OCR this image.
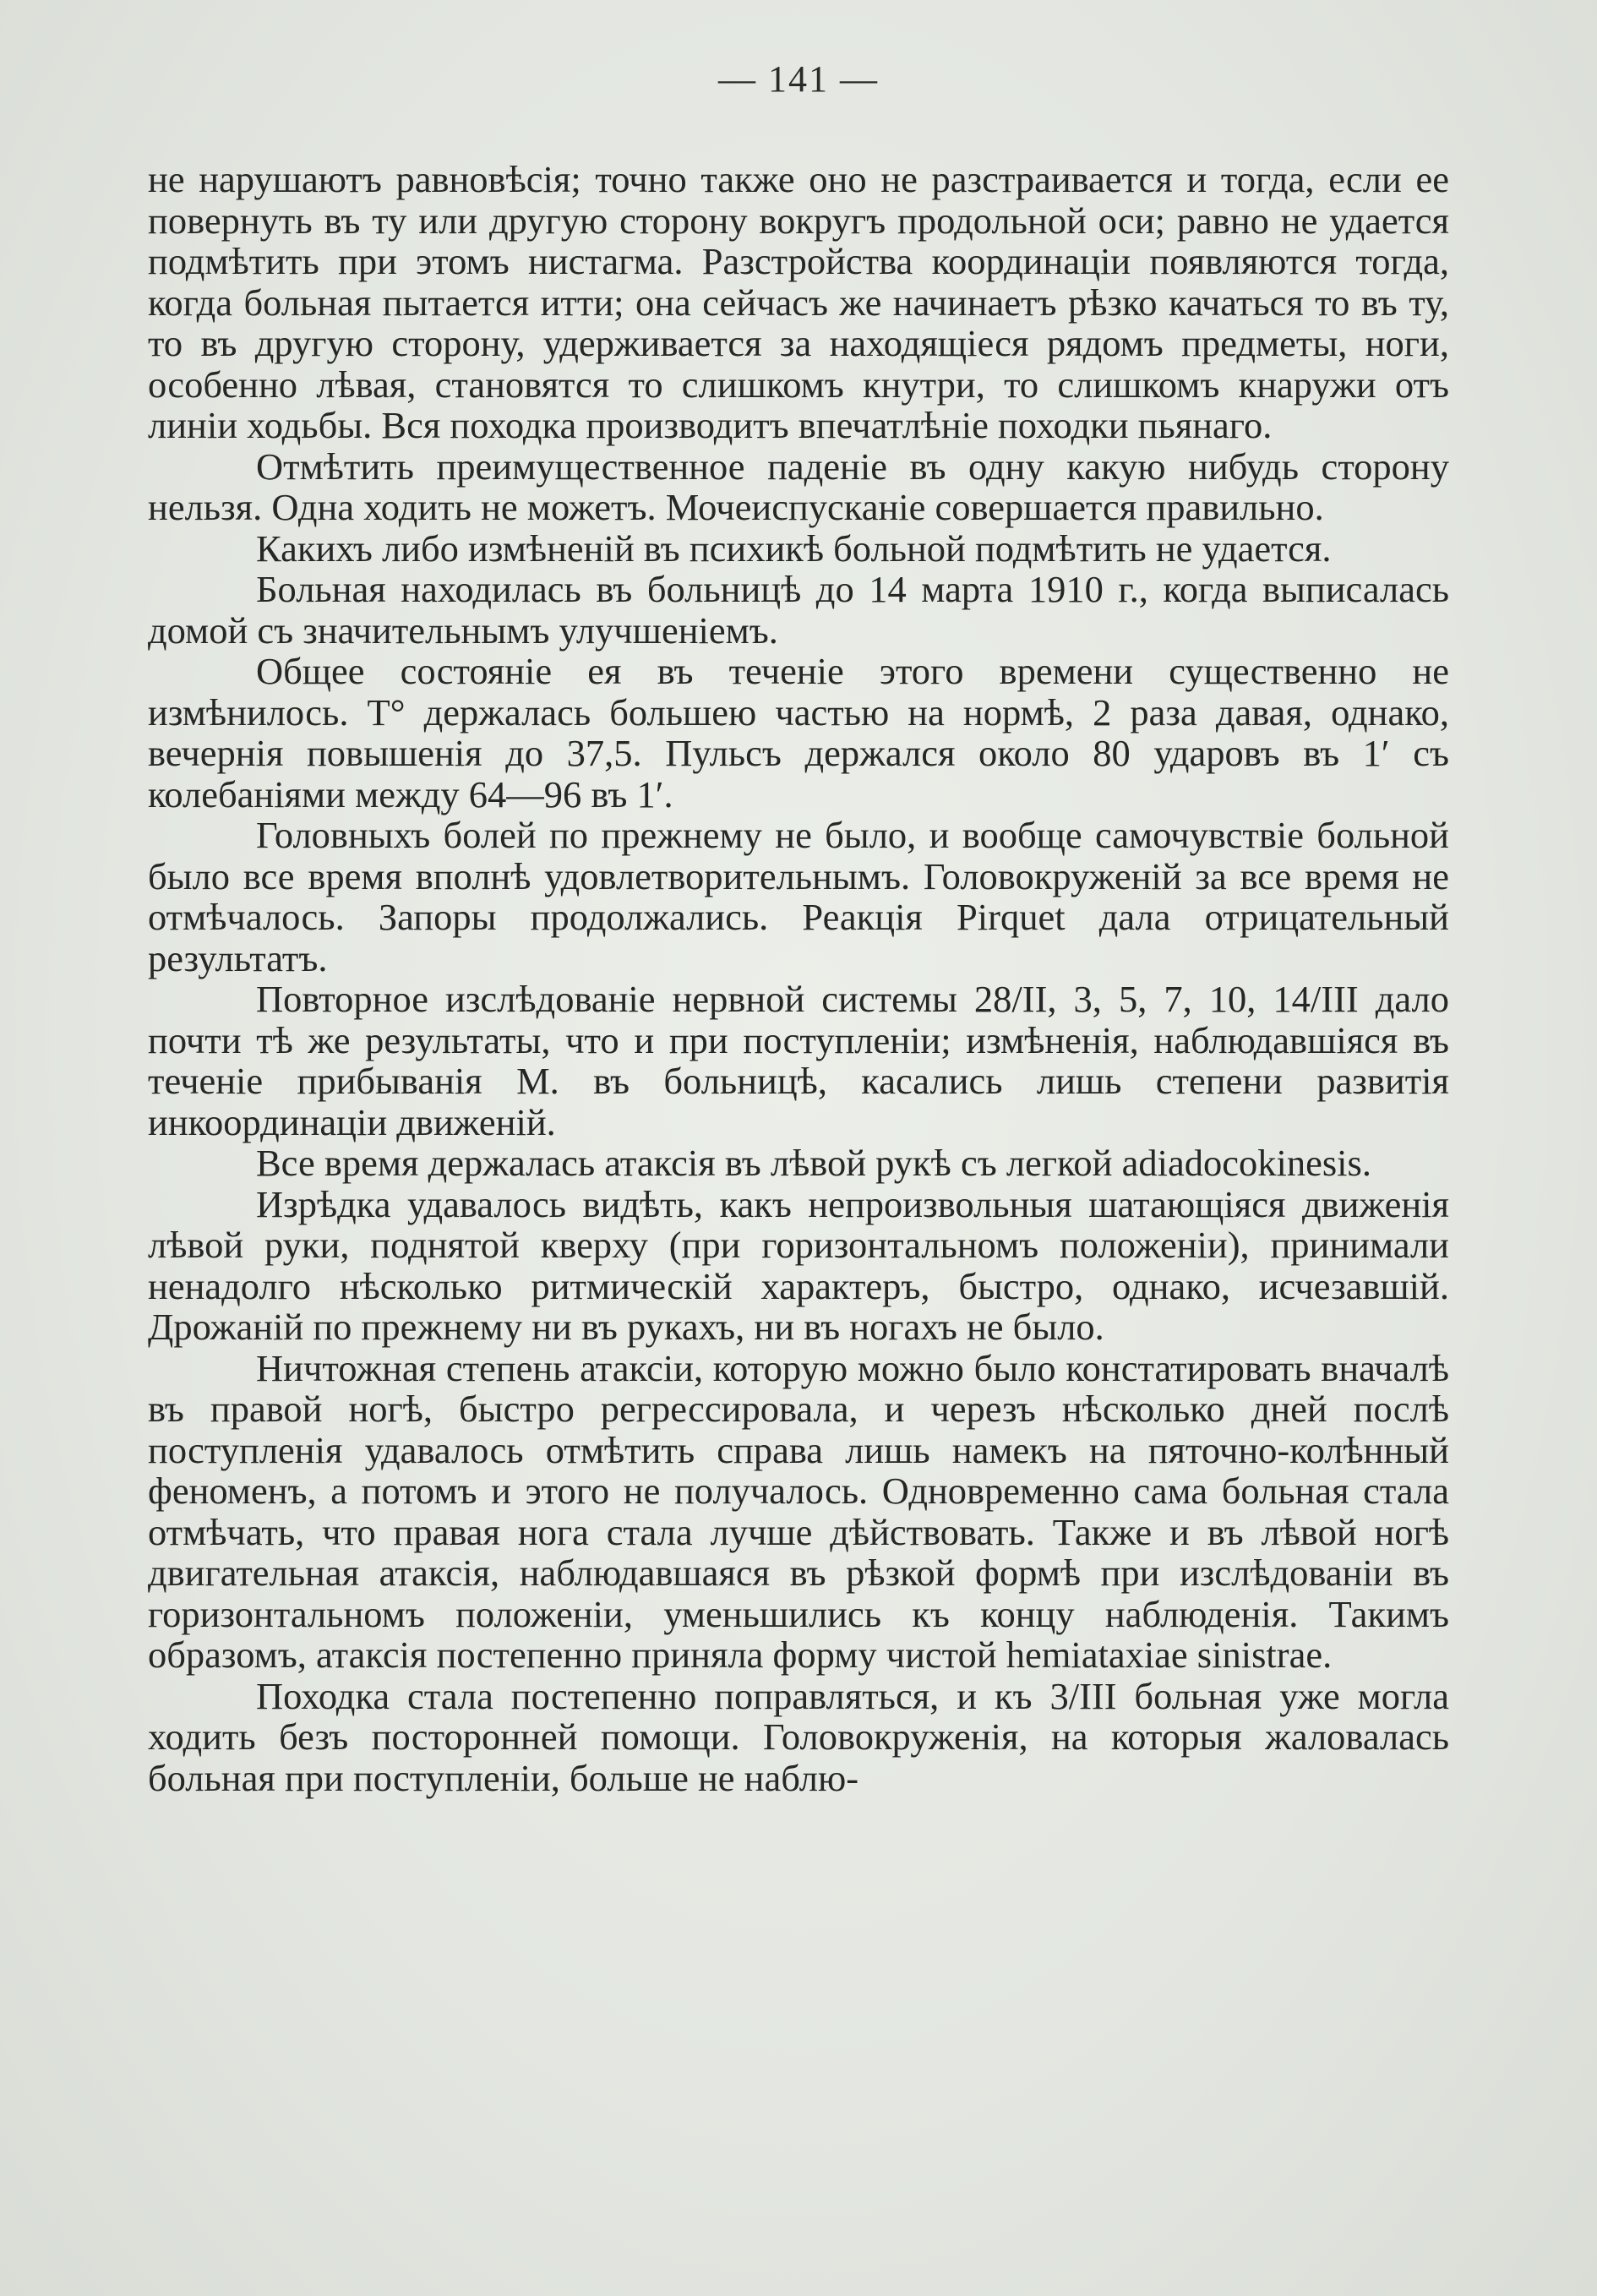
— 141 —

не нарушаютъ равновѣсія; точно также оно не разстраивается и тогда, если ее повернуть въ ту или другую сторону вокругъ продольной оси; равно не удается подмѣтить при этомъ нистагма. Разстройства координаціи появляются тогда, когда больная пытается итти; она сейчасъ же начинаетъ рѣзко качаться то въ ту, то въ другую сторону, удерживается за находящіеся рядомъ предметы, ноги, особенно лѣвая, становятся то слишкомъ кнутри, то слишкомъ кнаружи отъ линіи ходьбы. Вся походка производитъ впечатлѣніе походки пьянаго.

Отмѣтить преимущественное паденіе въ одну какую нибудь сторону нельзя. Одна ходить не можетъ. Мочеиспусканіе совершается правильно.

Какихъ либо измѣненій въ психикѣ больной подмѣтить не удается.

Больная находилась въ больницѣ до 14 марта 1910 г., когда выписалась домой съ значительнымъ улучшеніемъ.

Общее состояніе ея въ теченіе этого времени существенно не измѣнилось. T° держалась большею частью на нормѣ, 2 раза давая, однако, вечернія повышенія до 37,5. Пульсъ держался около 80 ударовъ въ 1′ съ колебаніями между 64—96 въ 1′.

Головныхъ болей по прежнему не было, и вообще самочувствіе больной было все время вполнѣ удовлетворительнымъ. Головокруженій за все время не отмѣчалось. Запоры продолжались. Реакція Pirquet дала отрицательный результатъ.

Повторное изслѣдованіе нервной системы 28/II, 3, 5, 7, 10, 14/III дало почти тѣ же результаты, что и при поступленіи; измѣненія, наблюдавшіяся въ теченіе прибыванія М. въ больницѣ, касались лишь степени развитія инкоординаціи движеній.

Все время держалась атаксія въ лѣвой рукѣ съ легкой adiadocokinesis.

Изрѣдка удавалось видѣть, какъ непроизвольныя шатающіяся движенія лѣвой руки, поднятой кверху (при горизонтальномъ положеніи), принимали ненадолго нѣсколько ритмическій характеръ, быстро, однако, исчезавшій. Дрожаній по прежнему ни въ рукахъ, ни въ ногахъ не было.

Ничтожная степень атаксіи, которую можно было констатировать вначалѣ въ правой ногѣ, быстро регрессировала, и черезъ нѣсколько дней послѣ поступленія удавалось отмѣтить справа лишь намекъ на пяточно-колѣнный феноменъ, а потомъ и этого не получалось. Одновременно сама больная стала отмѣчать, что правая нога стала лучше дѣйствовать. Также и въ лѣвой ногѣ двигательная атаксія, наблюдавшаяся въ рѣзкой формѣ при изслѣдованіи въ горизонтальномъ положеніи, уменьшились къ концу наблюденія. Такимъ образомъ, атаксія постепенно приняла форму чистой hemiataxiae sinistrae.

Походка стала постепенно поправляться, и къ 3/III больная уже могла ходить безъ посторонней помощи. Головокруженія, на которыя жаловалась больная при поступленіи, больше не наблю-
